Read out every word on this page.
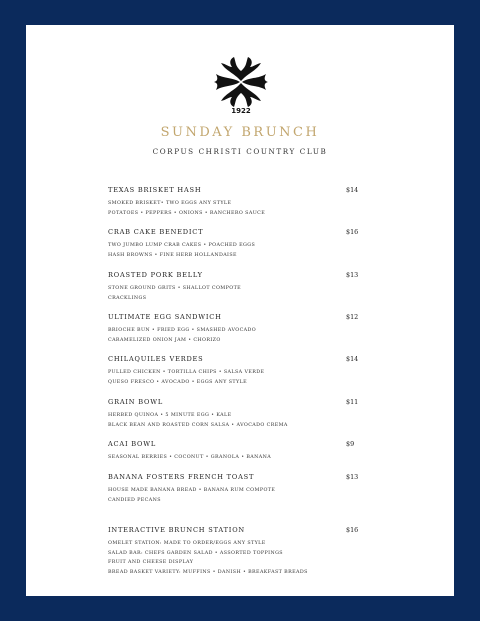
1922
SUNDAY BRUNCH
CORPUS CHRISTI COUNTRY CLUB
TEXAS BRISKET HASH	$14
SMOKED BRISKET• TWO EGGS ANY STYLE
POTATOES • PEPPERS • ONIONS • RANCHERO SAUCE
CRAB CAKE BENEDICT	$16
TWO JUMBO LUMP CRAB CAKES • POACHED EGGS
HASH BROWNS • FINE HERB HOLLANDAISE
ROASTED PORK BELLY	$13
STONE GROUND GRITS • SHALLOT COMPOTE
CRACKLINGS
ULTIMATE EGG SANDWICH	$12
BRIOCHE BUN • FRIED EGG • SMASHED AVOCADO
CARAMELIZED ONION JAM • CHORIZO
CHILAQUILES VERDES	$14
PULLED CHICKEN • TORTILLA CHIPS • SALSA VERDE
QUESO FRESCO • AVOCADO • EGGS ANY STYLE
GRAIN BOWL	$11
HERBED QUINOA • 5 MINUTE EGG • KALE
BLACK BEAN AND ROASTED CORN SALSA • AVOCADO CREMA
ACAI BOWL	$9
SEASONAL BERRIES • COCONUT • GRANOLA • BANANA
BANANA FOSTERS FRENCH TOAST	$13
HOUSE MADE BANANA BREAD • BANANA RUM COMPOTE
CANDIED PECANS
INTERACTIVE BRUNCH STATION	$16
OMELET STATION: MADE TO ORDER/EGGS ANY STYLE
SALAD BAR: CHEFS GARDEN SALAD • ASSORTED TOPPINGS
FRUIT AND CHEESE DISPLAY
BREAD BASKET VARIETY: MUFFINS • DANISH • BREAKFAST BREADS
